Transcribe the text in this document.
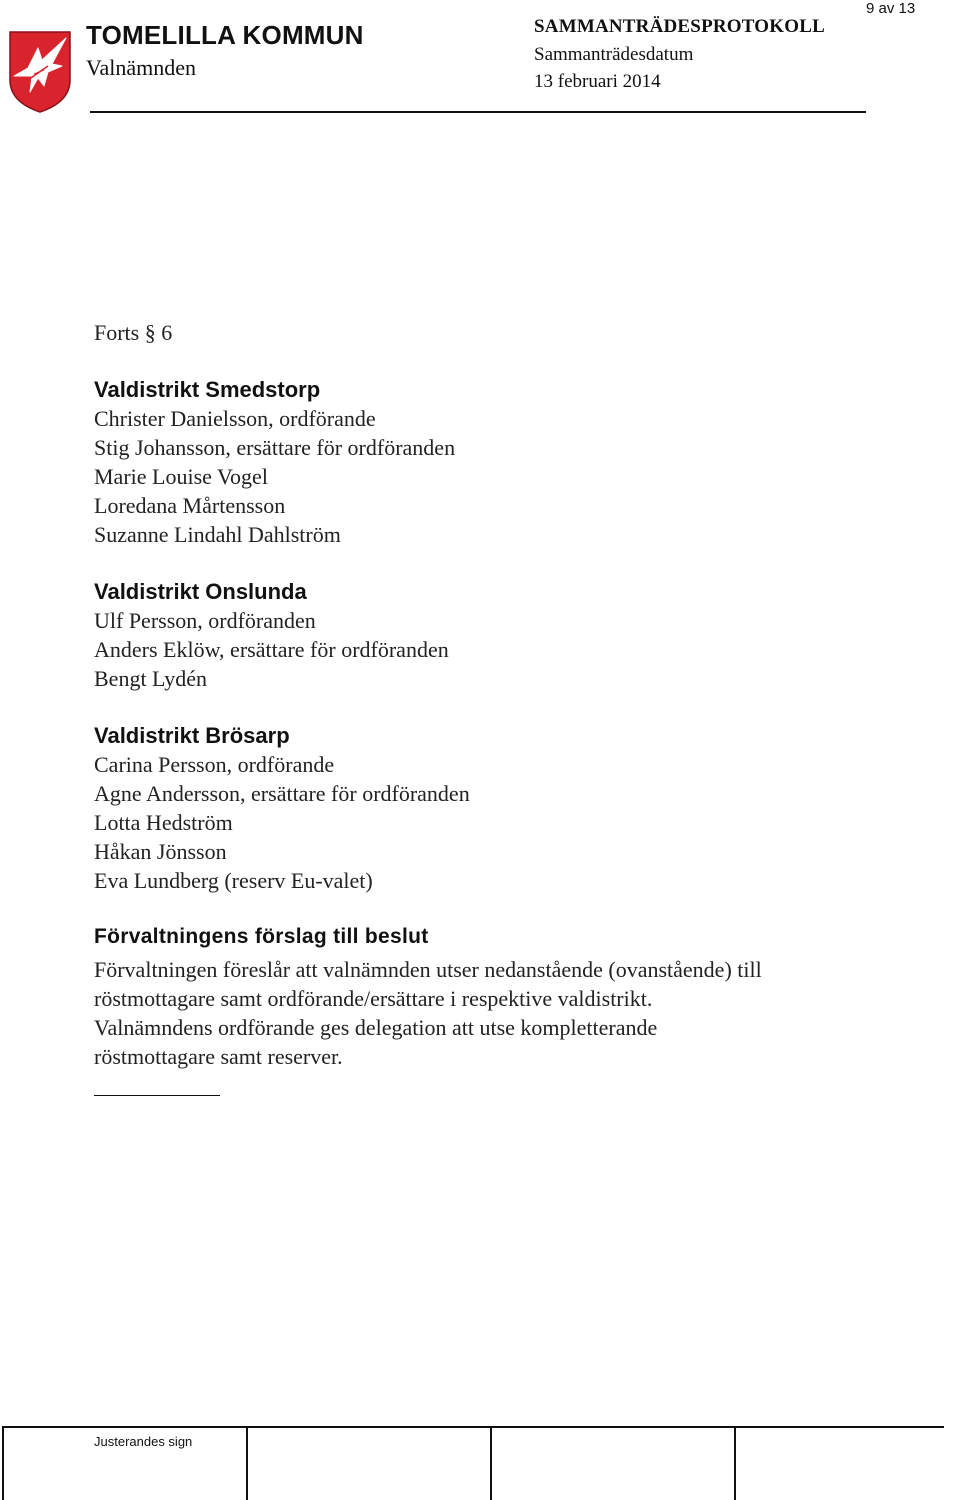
9 av 13
TOMELILLA KOMMUN
Valnämnden
SAMMANTRÄDESPROTOKOLL
Sammanträdesdatum
13 februari 2014
Forts § 6
Valdistrikt Smedstorp
Christer Danielsson, ordförande
Stig Johansson, ersättare för ordföranden
Marie Louise Vogel
Loredana Mårtensson
Suzanne Lindahl Dahlström
Valdistrikt Onslunda
Ulf Persson, ordföranden
Anders Eklöw, ersättare för ordföranden
Bengt Lydén
Valdistrikt Brösarp
Carina Persson, ordförande
Agne Andersson, ersättare för ordföranden
Lotta Hedström
Håkan Jönsson
Eva Lundberg (reserv Eu-valet)
Förvaltningens förslag till beslut
Förvaltningen föreslår att valnämnden utser nedanstående (ovanstående) till
röstmottagare samt ordförande/ersättare i respektive valdistrikt.
Valnämndens ordförande ges delegation att utse kompletterande
röstmottagare samt reserver.
Justerandes sign
